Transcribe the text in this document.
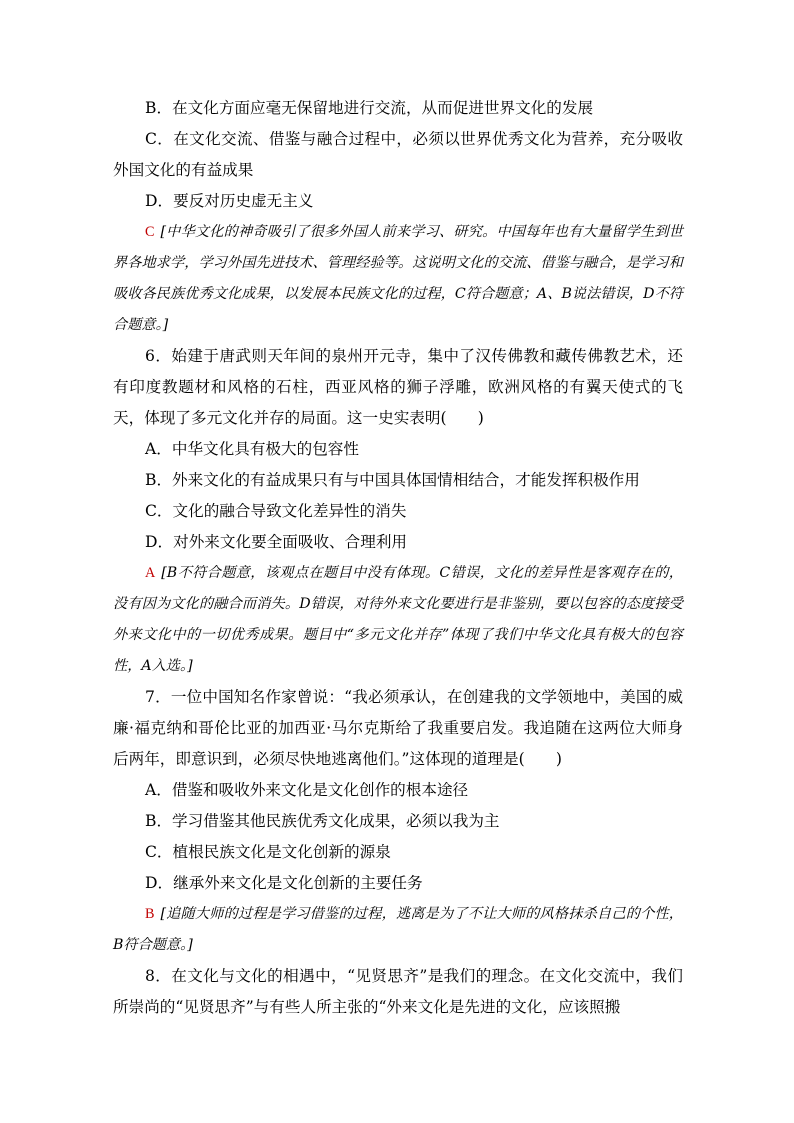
B．在文化方面应毫无保留地进行交流，从而促进世界文化的发展

C．在文化交流、借鉴与融合过程中，必须以世界优秀文化为营养，充分吸收外国文化的有益成果

D．要反对历史虚无主义

C [中华文化的神奇吸引了很多外国人前来学习、研究。中国每年也有大量留学生到世界各地求学，学习外国先进技术、管理经验等。这说明文化的交流、借鉴与融合，是学习和吸收各民族优秀文化成果，以发展本民族文化的过程，C符合题意；A、B说法错误，D不符合题意。]

6．始建于唐武则天年间的泉州开元寺，集中了汉传佛教和藏传佛教艺术，还有印度教题材和风格的石柱，西亚风格的狮子浮雕，欧洲风格的有翼天使式的飞天，体现了多元文化并存的局面。这一史实表明(　　)

A．中华文化具有极大的包容性

B．外来文化的有益成果只有与中国具体国情相结合，才能发挥积极作用

C．文化的融合导致文化差异性的消失

D．对外来文化要全面吸收、合理利用

A [B不符合题意，该观点在题目中没有体现。C错误，文化的差异性是客观存在的，没有因为文化的融合而消失。D错误，对待外来文化要进行是非鉴别，要以包容的态度接受外来文化中的一切优秀成果。题目中“多元文化并存”体现了我们中华文化具有极大的包容性，A入选。]

7．一位中国知名作家曾说：“我必须承认，在创建我的文学领地中，美国的威廉·福克纳和哥伦比亚的加西亚·马尔克斯给了我重要启发。我追随在这两位大师身后两年，即意识到，必须尽快地逃离他们。”这体现的道理是(　　)

A．借鉴和吸收外来文化是文化创作的根本途径

B．学习借鉴其他民族优秀文化成果，必须以我为主

C．植根民族文化是文化创新的源泉

D．继承外来文化是文化创新的主要任务

B [追随大师的过程是学习借鉴的过程，逃离是为了不让大师的风格抹杀自己的个性，B符合题意。]

8．在文化与文化的相遇中，“见贤思齐”是我们的理念。在文化交流中，我们所崇尚的“见贤思齐”与有些人所主张的“外来文化是先进的文化，应该照搬
